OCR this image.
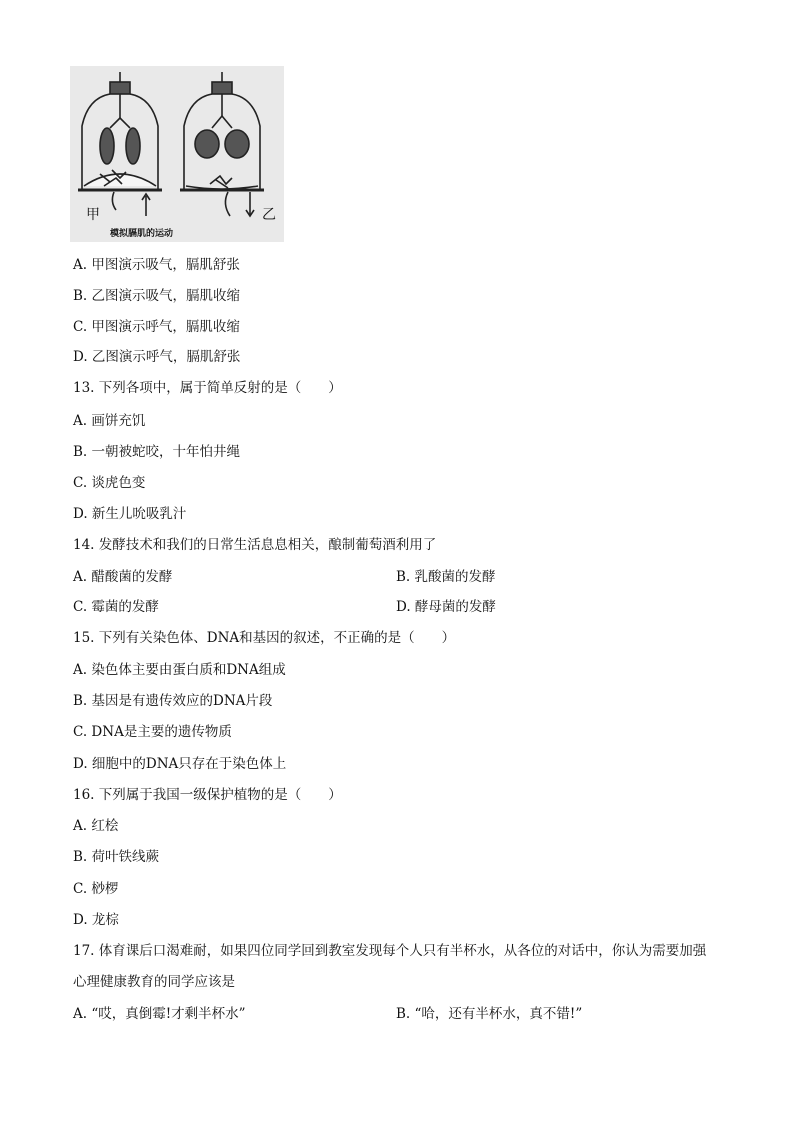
甲	乙
模拟膈肌的运动
A. 甲图演示吸气，膈肌舒张
B. 乙图演示吸气，膈肌收缩
C. 甲图演示呼气，膈肌收缩
D. 乙图演示呼气，膈肌舒张
13. 下列各项中，属于简单反射的是（　　）
A. 画饼充饥
B. 一朝被蛇咬，十年怕井绳
C. 谈虎色变
D. 新生儿吮吸乳汁
14. 发酵技术和我们的日常生活息息相关，酿制葡萄酒利用了
A. 醋酸菌的发酵	B. 乳酸菌的发酵
C. 霉菌的发酵	D. 酵母菌的发酵
15. 下列有关染色体、DNA和基因的叙述，不正确的是（　　）
A. 染色体主要由蛋白质和DNA组成
B. 基因是有遗传效应的DNA片段
C. DNA是主要的遗传物质
D. 细胞中的DNA只存在于染色体上
16. 下列属于我国一级保护植物的是（　　）
A. 红桧
B. 荷叶铁线蕨
C. 桫椤
D. 龙棕
17. 体育课后口渴难耐，如果四位同学回到教室发现每个人只有半杯水，从各位的对话中，你认为需要加强
心理健康教育的同学应该是
A. “哎，真倒霉!才剩半杯水”	B. “哈，还有半杯水，真不错!”
